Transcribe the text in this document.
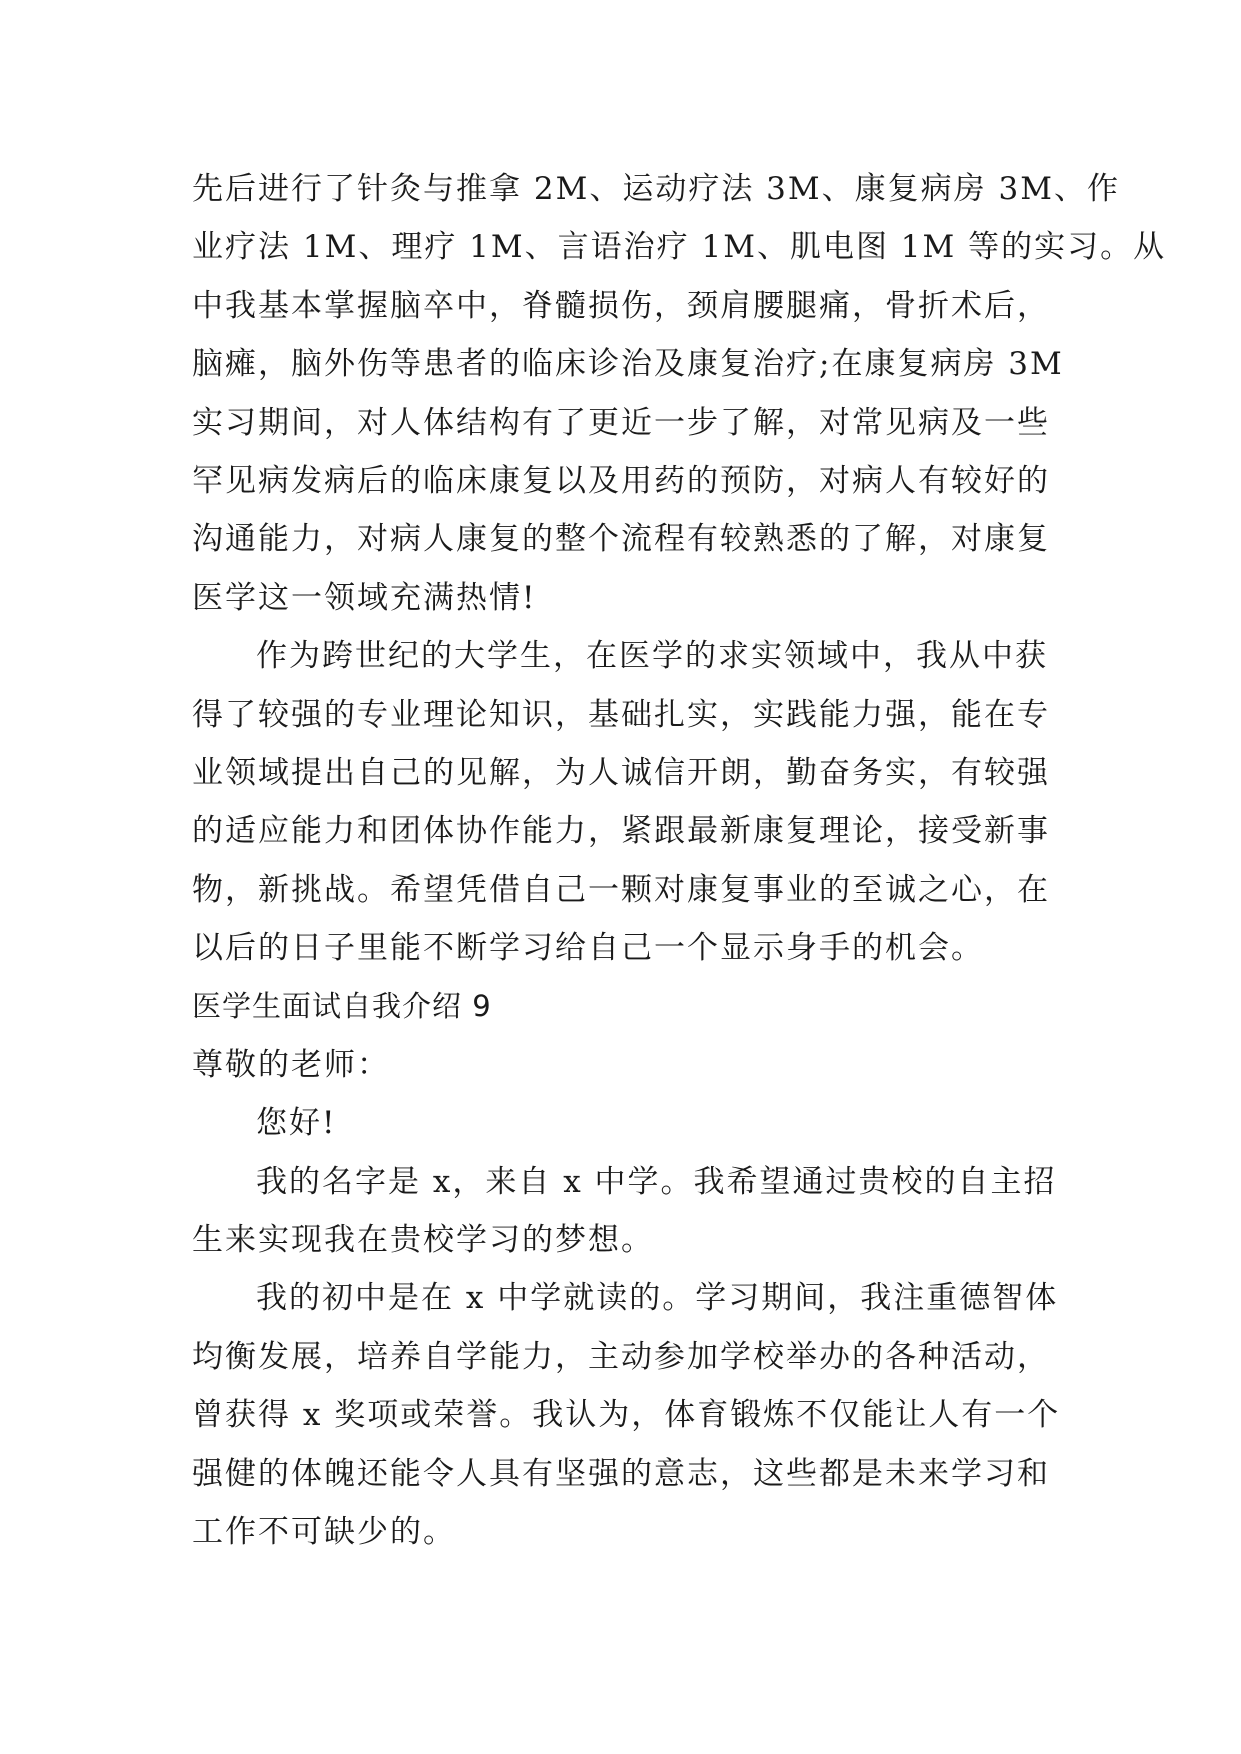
先后进行了针灸与推拿 2M、运动疗法 3M、康复病房 3M、作
业疗法 1M、理疗 1M、言语治疗 1M、肌电图 1M 等的实习。从
中我基本掌握脑卒中，脊髓损伤，颈肩腰腿痛，骨折术后，
脑瘫，脑外伤等患者的临床诊治及康复治疗;在康复病房 3M
实习期间，对人体结构有了更近一步了解，对常见病及一些
罕见病发病后的临床康复以及用药的预防，对病人有较好的
沟通能力，对病人康复的整个流程有较熟悉的了解，对康复
医学这一领域充满热情!
作为跨世纪的大学生，在医学的求实领域中，我从中获
得了较强的专业理论知识，基础扎实，实践能力强，能在专
业领域提出自己的见解，为人诚信开朗，勤奋务实，有较强
的适应能力和团体协作能力，紧跟最新康复理论，接受新事
物，新挑战。希望凭借自己一颗对康复事业的至诚之心，在
以后的日子里能不断学习给自己一个显示身手的机会。
医学生面试自我介绍 9
尊敬的老师：
您好!
我的名字是 x，来自 x 中学。我希望通过贵校的自主招
生来实现我在贵校学习的梦想。
我的初中是在 x 中学就读的。学习期间，我注重德智体
均衡发展，培养自学能力，主动参加学校举办的各种活动，
曾获得 x 奖项或荣誉。我认为，体育锻炼不仅能让人有一个
强健的体魄还能令人具有坚强的意志，这些都是未来学习和
工作不可缺少的。
